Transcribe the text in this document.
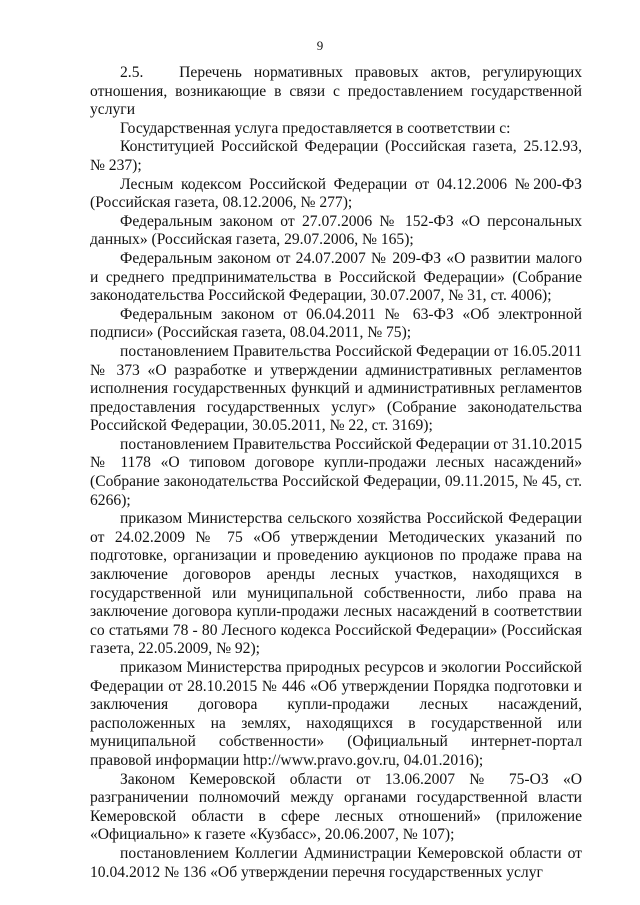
9

2.5.   Перечень нормативных правовых актов, регулирующих отношения, возникающие в связи с предоставлением государственной услуги

Государственная услуга предоставляется в соответствии с:

Конституцией Российской Федерации (Российская газета, 25.12.93, № 237);

Лесным кодексом Российской Федерации от 04.12.2006 №200-ФЗ (Российская газета, 08.12.2006, № 277);

Федеральным законом от 27.07.2006 № 152-ФЗ «О персональных данных» (Российская газета, 29.07.2006, № 165);

Федеральным законом от 24.07.2007 № 209-ФЗ «О развитии малого и среднего предпринимательства в Российской Федерации» (Собрание законодательства Российской Федерации, 30.07.2007, № 31, ст. 4006);

Федеральным законом от 06.04.2011 № 63-ФЗ «Об электронной подписи» (Российская газета, 08.04.2011, № 75);

постановлением Правительства Российской Федерации от 16.05.2011 № 373 «О разработке и утверждении административных регламентов исполнения государственных функций и административных регламентов предоставления государственных услуг» (Собрание законодательства Российской Федерации, 30.05.2011, № 22, ст. 3169);

постановлением Правительства Российской Федерации от 31.10.2015 № 1178 «О типовом договоре купли-продажи лесных насаждений» (Собрание законодательства Российской Федерации, 09.11.2015, № 45, ст. 6266);

приказом Министерства сельского хозяйства Российской Федерации от 24.02.2009 № 75 «Об утверждении Методических указаний по подготовке, организации и проведению аукционов по продаже права на заключение договоров аренды лесных участков, находящихся в государственной или муниципальной собственности, либо права на заключение договора купли-продажи лесных насаждений в соответствии со статьями 78 - 80 Лесного кодекса Российской Федерации» (Российская газета, 22.05.2009, № 92);

приказом Министерства природных ресурсов и экологии Российской Федерации от 28.10.2015 № 446 «Об утверждении Порядка подготовки и заключения договора купли-продажи лесных насаждений, расположенных на землях, находящихся в государственной или муниципальной собственности» (Официальный интернет-портал правовой информации http://www.pravo.gov.ru, 04.01.2016);

Законом Кемеровской области от 13.06.2007 № 75-ОЗ «О разграничении полномочий между органами государственной власти Кемеровской области в сфере лесных отношений» (приложение «Официально» к газете «Кузбасс», 20.06.2007, № 107);

постановлением Коллегии Администрации Кемеровской области от 10.04.2012 № 136 «Об утверждении перечня государственных услуг
